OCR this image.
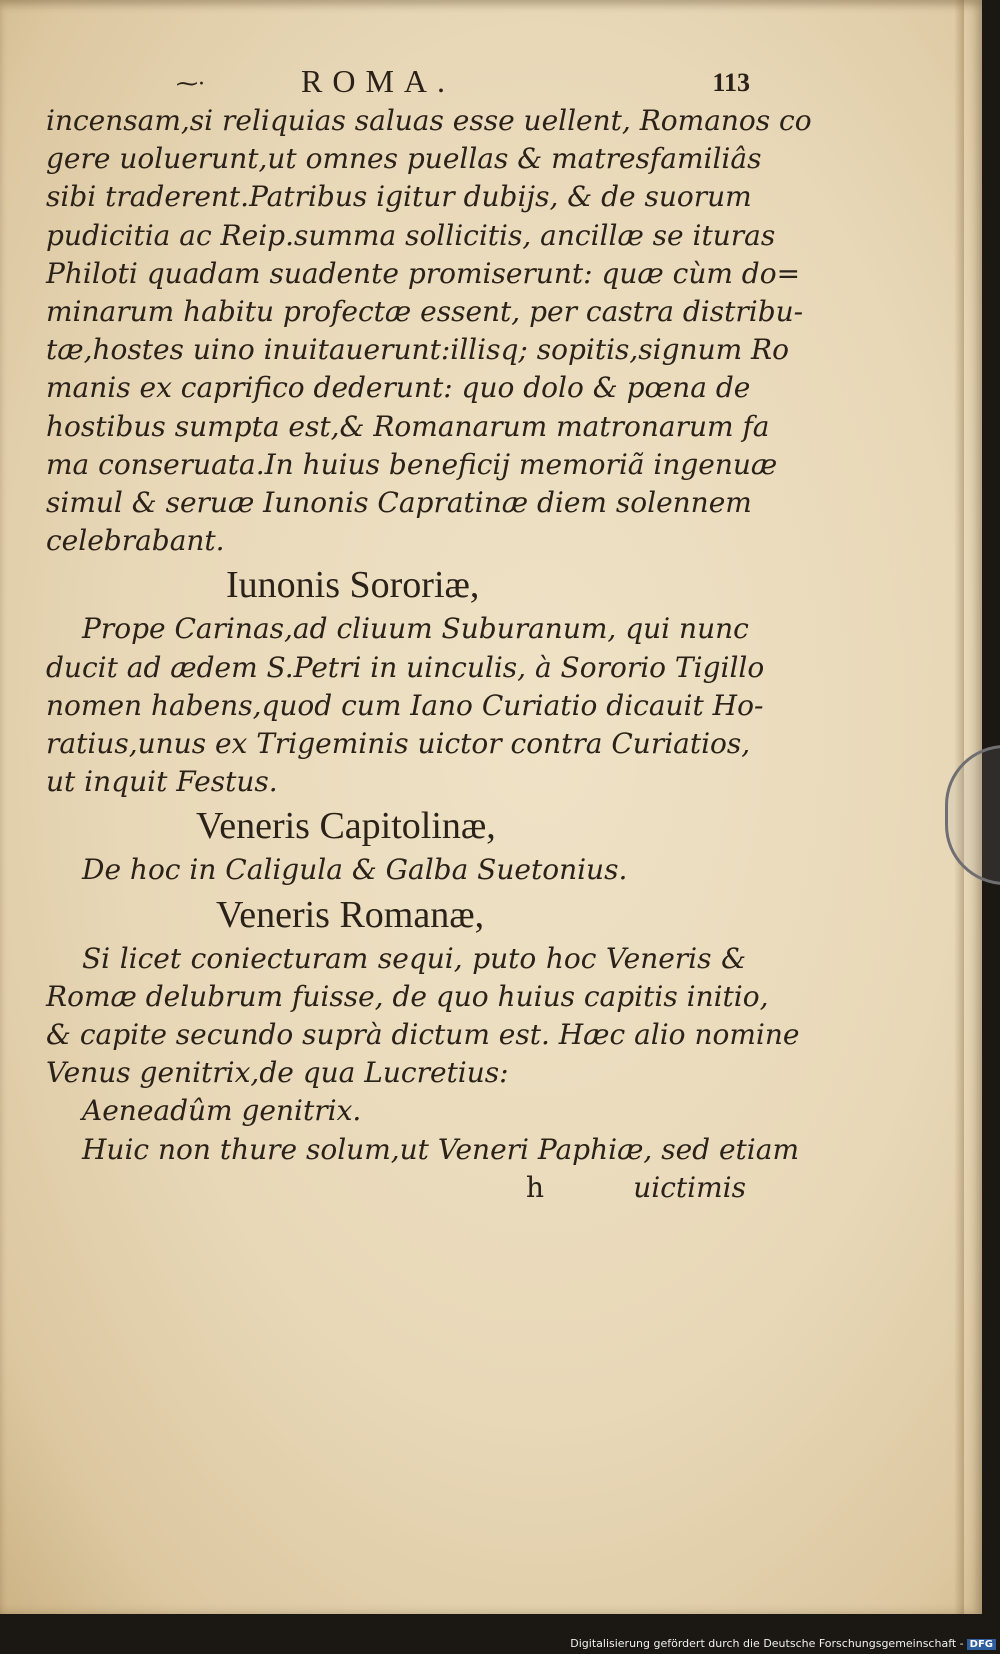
⁓·	ROMA.	113
incensam,si reliquias saluas esse uellent, Romanos co
gere uoluerunt,ut omnes puellas & matresfamiliâs
sibi traderent.Patribus igitur dubijs, & de suorum
pudicitia ac Reip.summa sollicitis, ancillæ se ituras
Philoti quadam suadente promiserunt: quæ cùm do=
minarum habitu profectæ essent, per castra distribu-
tæ,hostes uino inuitauerunt:illisq; sopitis,signum Ro
manis ex caprifico dederunt: quo dolo & pœna de
hostibus sumpta est,& Romanarum matronarum fa
ma conseruata.In huius beneficij memoriã ingenuæ
simul & seruæ Iunonis Capratinæ diem solennem
celebrabant.
Iunonis Sororiæ,
Prope Carinas,ad cliuum Suburanum, qui nunc
ducit ad ædem S.Petri in uinculis, à Sororio Tigillo
nomen habens,quod cum Iano Curiatio dicauit Ho-
ratius,unus ex Trigeminis uictor contra Curiatios,
ut inquit Festus.
Veneris Capitolinæ,
De hoc in Caligula & Galba Suetonius.
Veneris Romanæ,
Si licet coniecturam sequi, puto hoc Veneris &
Romæ delubrum fuisse, de quo huius capitis initio,
& capite secundo suprà dictum est. Hæc alio nomine
Venus genitrix,de qua Lucretius:
Aeneadûm genitrix.
Huic non thure solum,ut Veneri Paphiæ, sed etiam
h	uictimis
Digitalisierung gefördert durch die Deutsche Forschungsgemeinschaft - DFG
